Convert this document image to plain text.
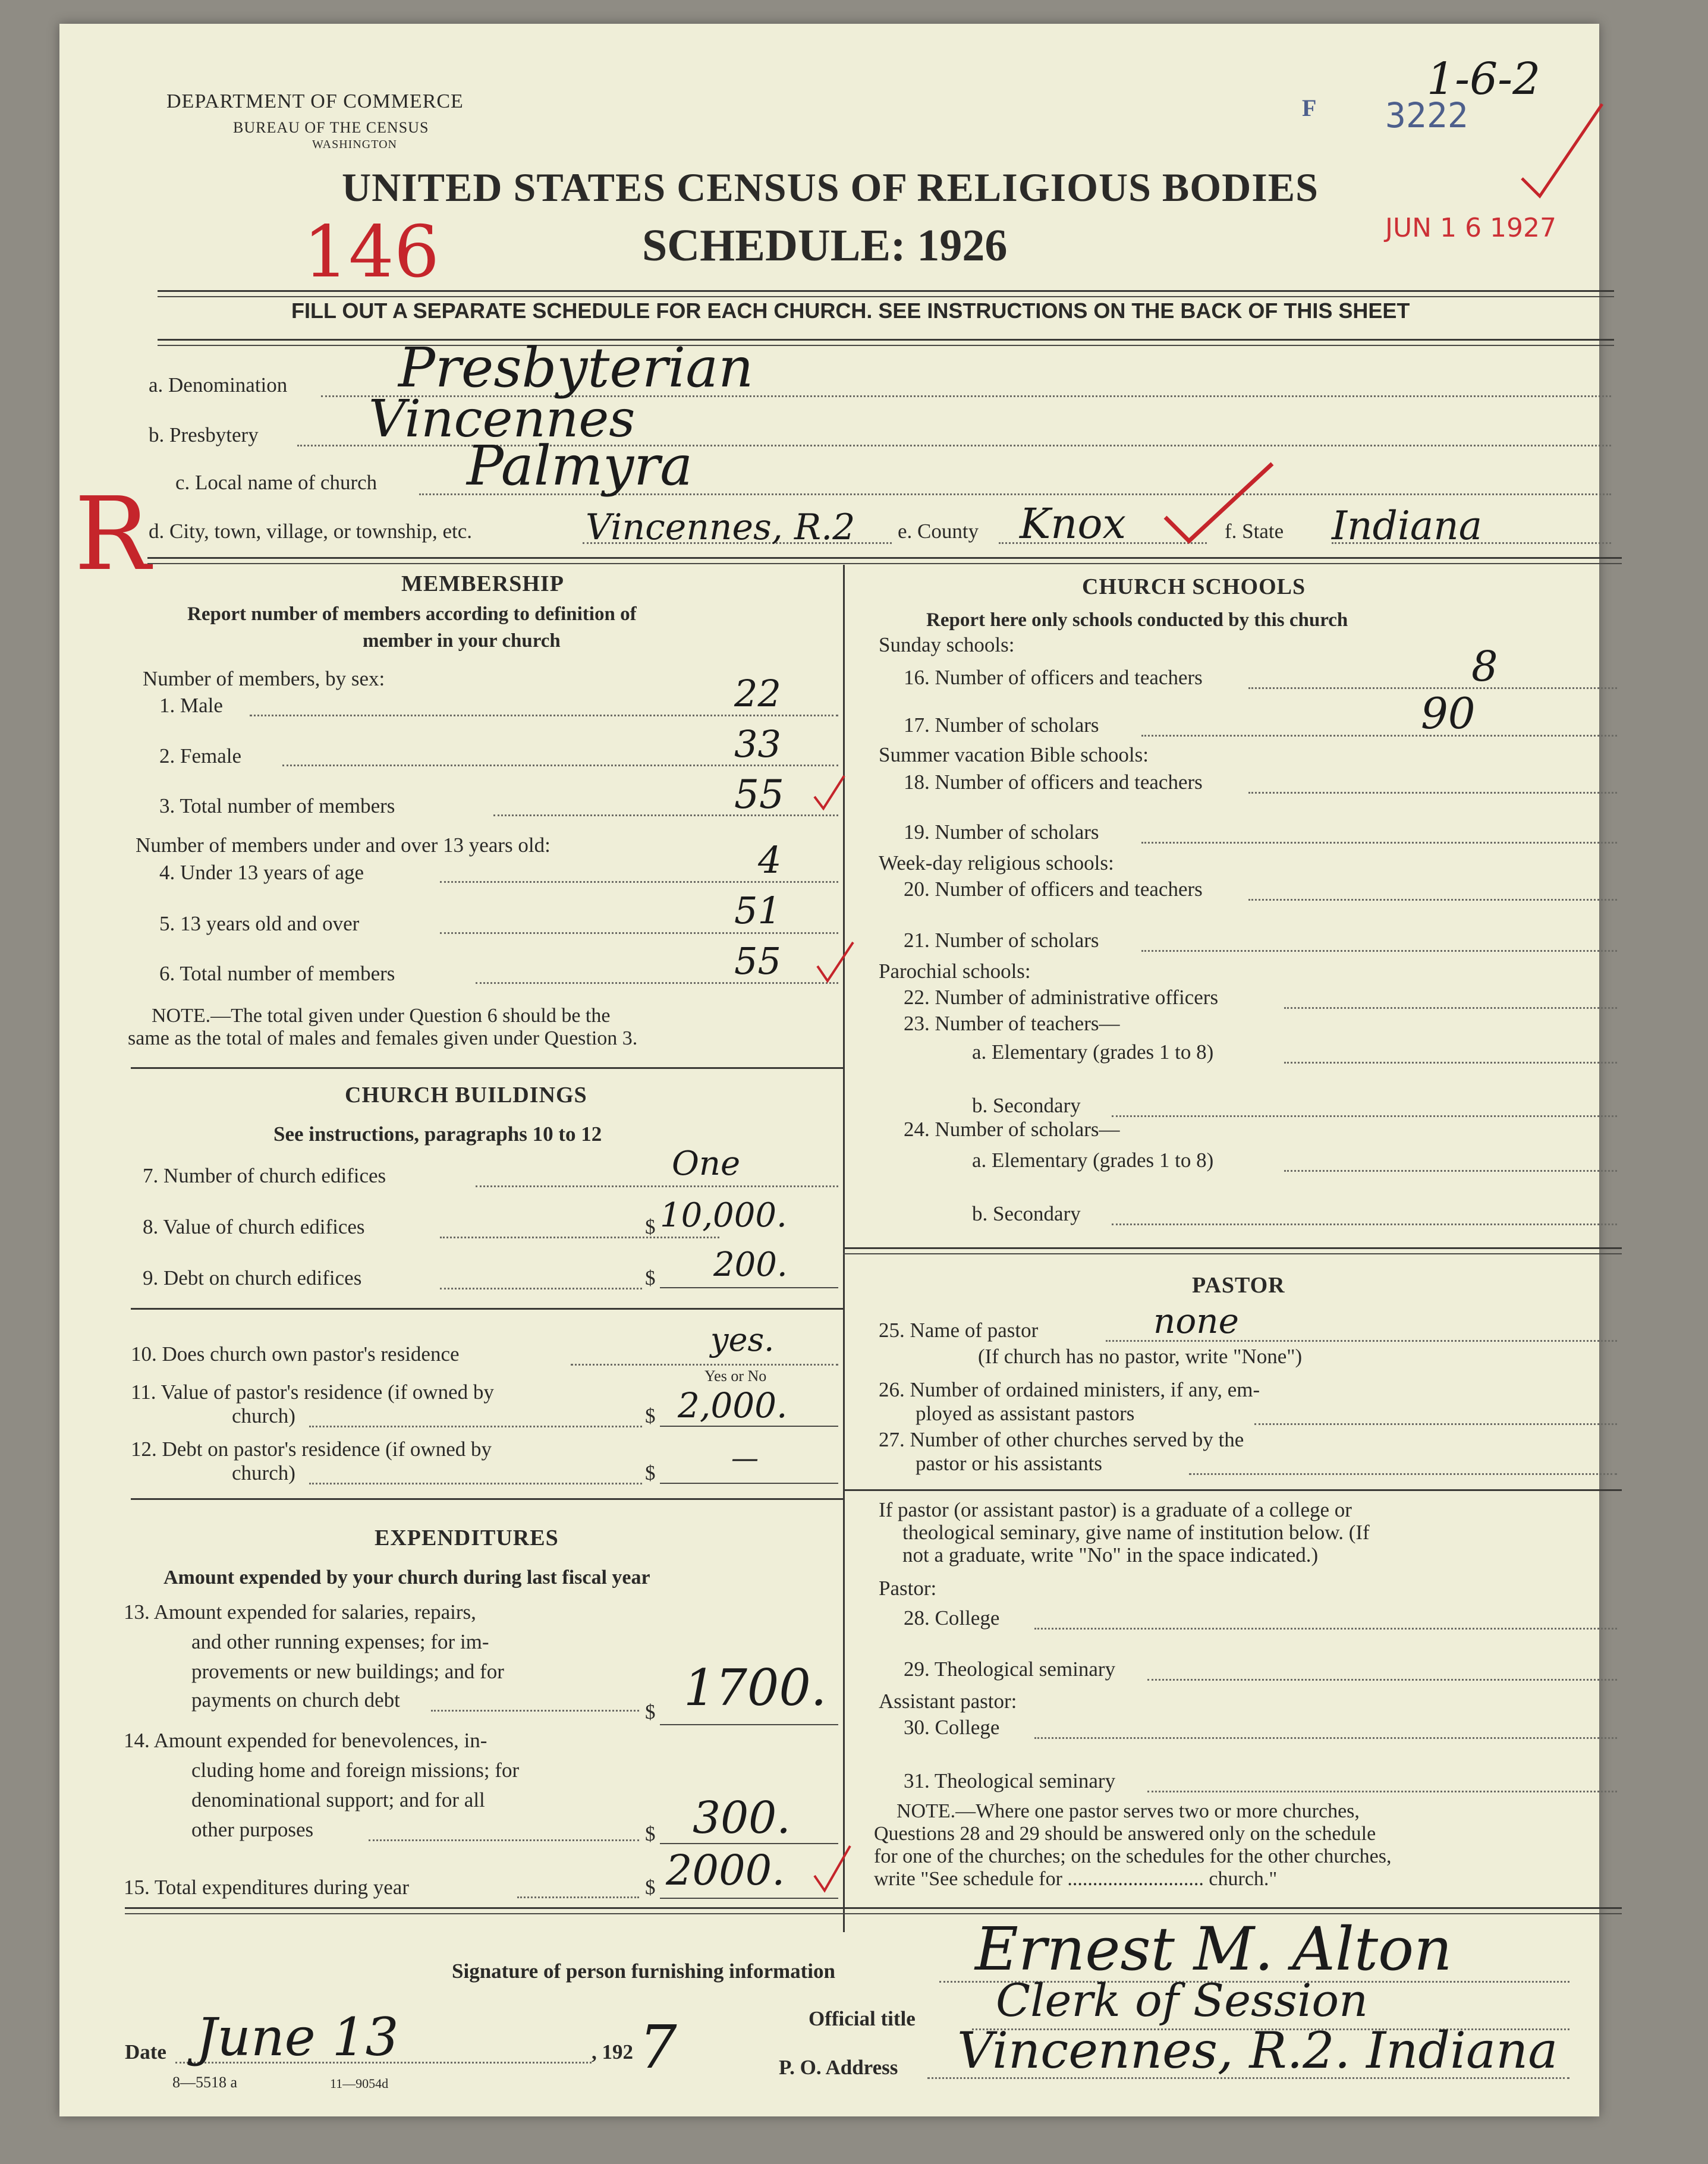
DEPARTMENT OF COMMERCE
BUREAU OF THE CENSUS
WASHINGTON
1-6-2
3222
F
JUN 1 6 1927
UNITED STATES CENSUS OF RELIGIOUS BODIES
SCHEDULE: 1926
146
FILL OUT A SEPARATE SCHEDULE FOR EACH CHURCH. SEE INSTRUCTIONS ON THE BACK OF THIS SHEET
a. Denomination Presbyterian
b. Presbytery Vincennes
c. Local name of church Palmyra
R
d. City, town, village, or township, etc.	Vincennes, R.2 e. County Knox	f. State Indiana
MEMBERSHIP
Report number of members according to definition of
member in your church
Number of members, by sex:
1. Male	22
2. Female	33
3. Total number of members	55
Number of members under and over 13 years old:
4. Under 13 years of age	4
5. 13 years old and over	51
6. Total number of members	55
NOTE.—The total given under Question 6 should be the
same as the total of males and females given under Question 3.
CHURCH BUILDINGS
See instructions, paragraphs 10 to 12
7. Number of church edifices	One
8. Value of church edifices	$ 10,000.
9. Debt on church edifices	$ 200.
10. Does church own pastor's residence	yes.
Yes or No
11. Value of pastor's residence (if owned by
church)	$ 2,000.
12. Debt on pastor's residence (if owned by
church)	$	—
EXPENDITURES
Amount expended by your church during last fiscal year
13. Amount expended for salaries, repairs,
and other running expenses; for im-
provements or new buildings; and for
payments on church debt
$ 1700.
14. Amount expended for benevolences, in-
cluding home and foreign missions; for
denominational support; and for all
other purposes	$ 300.
15. Total expenditures during year	$ 2000.
CHURCH SCHOOLS
Report here only schools conducted by this church
Sunday schools:
16. Number of officers and teachers	8
17. Number of scholars	90
Summer vacation Bible schools:
18. Number of officers and teachers
19. Number of scholars
Week-day religious schools:
20. Number of officers and teachers
21. Number of scholars
Parochial schools:
22. Number of administrative officers
23. Number of teachers—
a. Elementary (grades 1 to 8)
b. Secondary
24. Number of scholars—
a. Elementary (grades 1 to 8)
b. Secondary
PASTOR
25. Name of pastor	none
(If church has no pastor, write "None")
26. Number of ordained ministers, if any, em-
ployed as assistant pastors
27. Number of other churches served by the
pastor or his assistants
If pastor (or assistant pastor) is a graduate of a college or
theological seminary, give name of institution below. (If
not a graduate, write "No" in the space indicated.)
Pastor:
28. College
29. Theological seminary
Assistant pastor:
30. College
31. Theological seminary
NOTE.—Where one pastor serves two or more churches,
Questions 28 and 29 should be answered only on the schedule
for one of the churches; on the schedules for the other churches,
write "See schedule for ........................... church."
Signature of person furnishing information Ernest M. Alton
Official title Clerk of Session
Date June 13	, 192 7	P. O. Address Vincennes, R.2. Indiana
8—5518 a	11—9054d
